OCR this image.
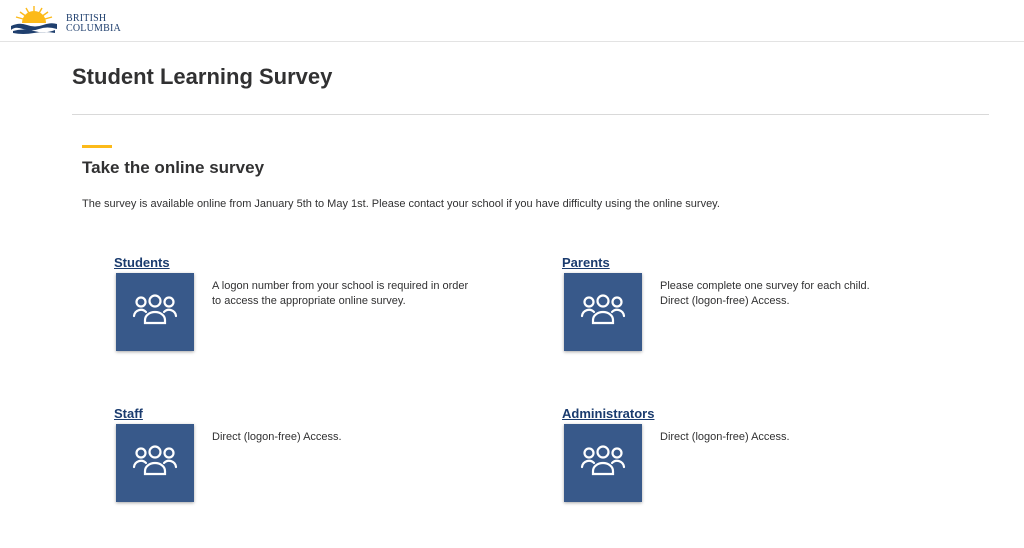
BRITISH
COLUMBIA
Student Learning Survey
Take the online survey

The survey is available online from January 5th to May 1st. Please contact your school if you have difficulty using the online survey.

Students
A logon number from your school is required in order
to access the appropriate online survey.
Parents
Please complete one survey for each child.
Direct (logon-free) Access.
Staff
Direct (logon-free) Access.
Administrators
Direct (logon-free) Access.
